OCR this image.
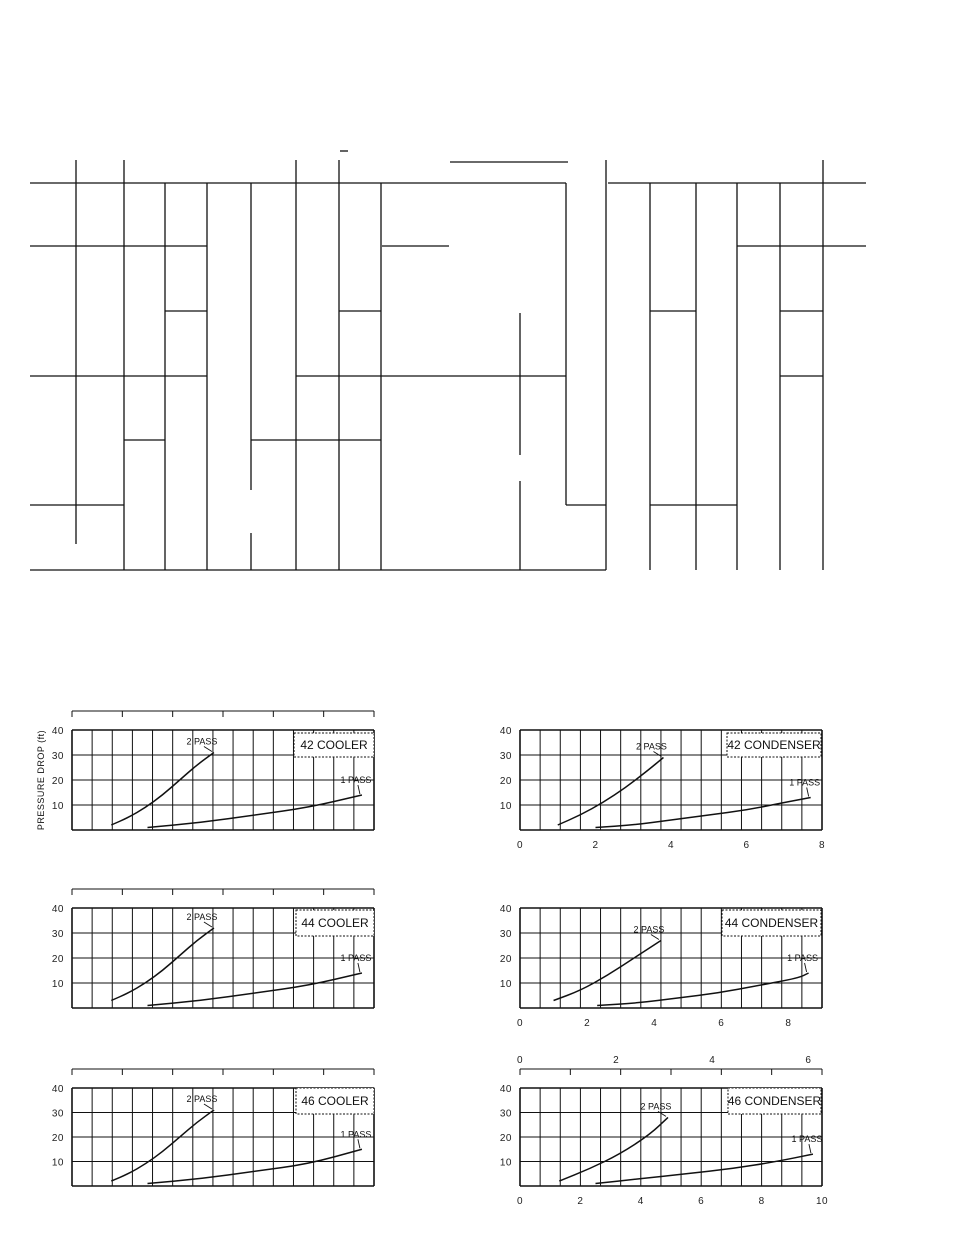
10
20
30
40
PRESSURE DROP (ft)	42 COOLER
2 PASS
1 PASS
10
20
30
40
0	2	4	6	8
42 CONDENSER
2 PASS
1 PASS
10
20
30
40
44 COOLER
2 PASS
1 PASS
10
20
30
40
0	2	4	6	8
44 CONDENSER
2 PASS
1 PASS
10
20
30
40
46 COOLER
2 PASS
1 PASS
0	2	4	6
10
20
30
40
0	2	4	6	8	10
46 CONDENSER
2 PASS
1 PASS
